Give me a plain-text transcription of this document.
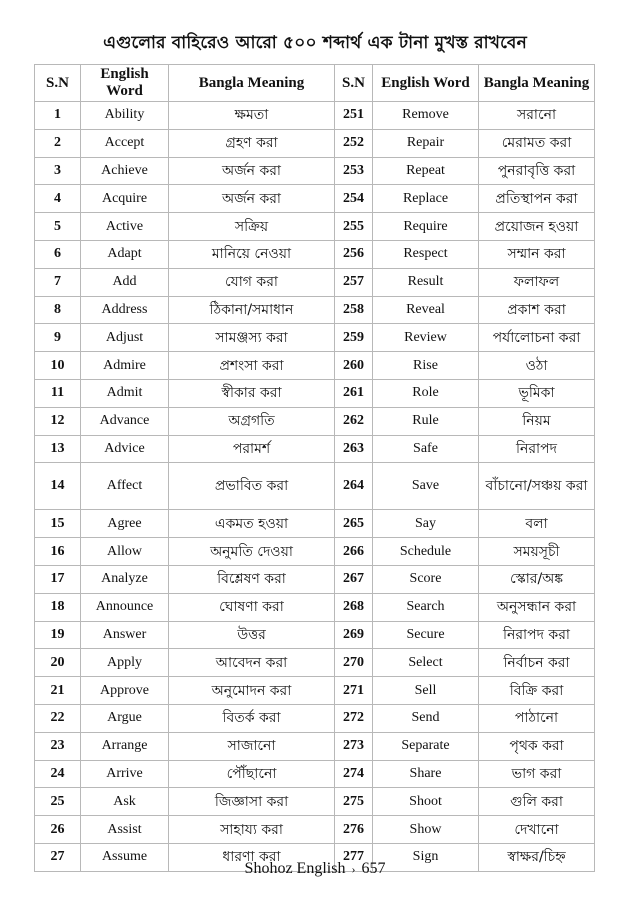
এগুলোর বাহিরেও আরো ৫০০ শব্দার্থ এক টানা মুখস্ত রাখবেন
S.N	English Word	Bangla Meaning	S.N	English Word	Bangla Meaning
1	Ability	ক্ষমতা	251	Remove	সরানো
2	Accept	গ্রহণ করা	252	Repair	মেরামত করা
3	Achieve	অর্জন করা	253	Repeat	পুনরাবৃত্তি করা
4	Acquire	অর্জন করা	254	Replace	প্রতিস্থাপন করা
5	Active	সক্রিয়	255	Require	প্রয়োজন হওয়া
6	Adapt	মানিয়ে নেওয়া	256	Respect	সম্মান করা
7	Add	যোগ করা	257	Result	ফলাফল
8	Address	ঠিকানা/সমাধান	258	Reveal	প্রকাশ করা
9	Adjust	সামঞ্জস্য করা	259	Review	পর্যালোচনা করা
10	Admire	প্রশংসা করা	260	Rise	ওঠা
11	Admit	স্বীকার করা	261	Role	ভূমিকা
12	Advance	অগ্রগতি	262	Rule	নিয়ম
13	Advice	পরামর্শ	263	Safe	নিরাপদ
14	Affect	প্রভাবিত করা	264	Save	বাঁচানো/সঞ্চয় করা
15	Agree	একমত হওয়া	265	Say	বলা
16	Allow	অনুমতি দেওয়া	266	Schedule	সময়সূচী
17	Analyze	বিশ্লেষণ করা	267	Score	স্কোর/অঙ্ক
18	Announce	ঘোষণা করা	268	Search	অনুসন্ধান করা
19	Answer	উত্তর	269	Secure	নিরাপদ করা
20	Apply	আবেদন করা	270	Select	নির্বাচন করা
21	Approve	অনুমোদন করা	271	Sell	বিক্রি করা
22	Argue	বিতর্ক করা	272	Send	পাঠানো
23	Arrange	সাজানো	273	Separate	পৃথক করা
24	Arrive	পৌঁছানো	274	Share	ভাগ করা
25	Ask	জিজ্ঞাসা করা	275	Shoot	গুলি করা
26	Assist	সাহায্য করা	276	Show	দেখানো
27	Assume	ধারণা করা	277	Sign	স্বাক্ষর/চিহ্ন
Shohoz English › 657
